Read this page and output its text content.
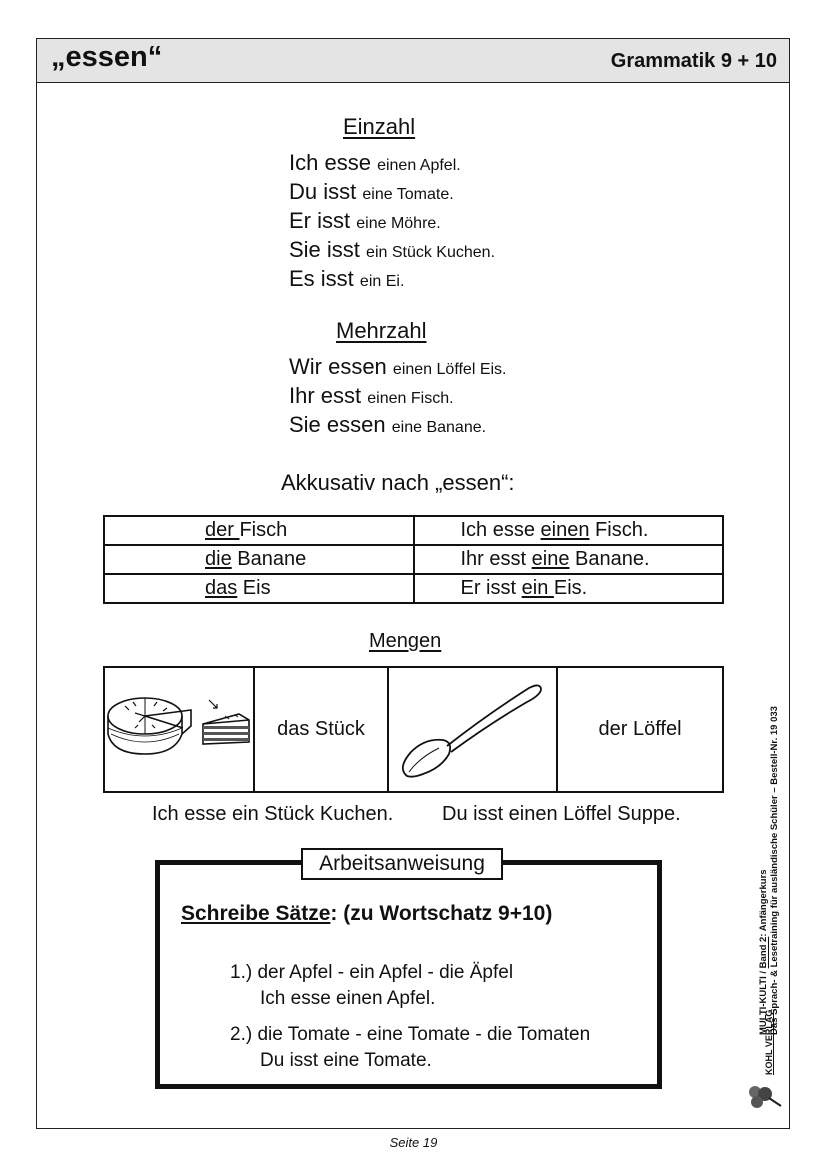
„essen“	Grammatik 9 + 10
Einzahl
Ich esse einen Apfel.
Du isst eine Tomate.
Er isst eine Möhre.
Sie isst ein Stück Kuchen.
Es isst ein Ei.
Mehrzahl
Wir essen einen Löffel Eis.
Ihr esst einen Fisch.
Sie essen eine Banane.
Akkusativ nach „essen“:
der Fisch	Ich esse einen Fisch.
die Banane	Ihr esst eine Banane.
das Eis	Er isst ein Eis.
Mengen
das Stück	der Löffel
Ich esse ein Stück Kuchen. Du isst einen Löffel Suppe.
Arbeitsanweisung
Schreibe Sätze: (zu Wortschatz 9+10)
1.) der Apfel - ein Apfel - die Äpfel
Ich esse einen Apfel.
2.) die Tomate - eine Tomate - die Tomaten
Du isst eine Tomate.
MULTI-KULTI / Band 2: Anfängerkurs Das Sprach- & Lesetraining für ausländische Schüler – Bestell-Nr. 19 033
KOHL VERLAG
Seite 19
